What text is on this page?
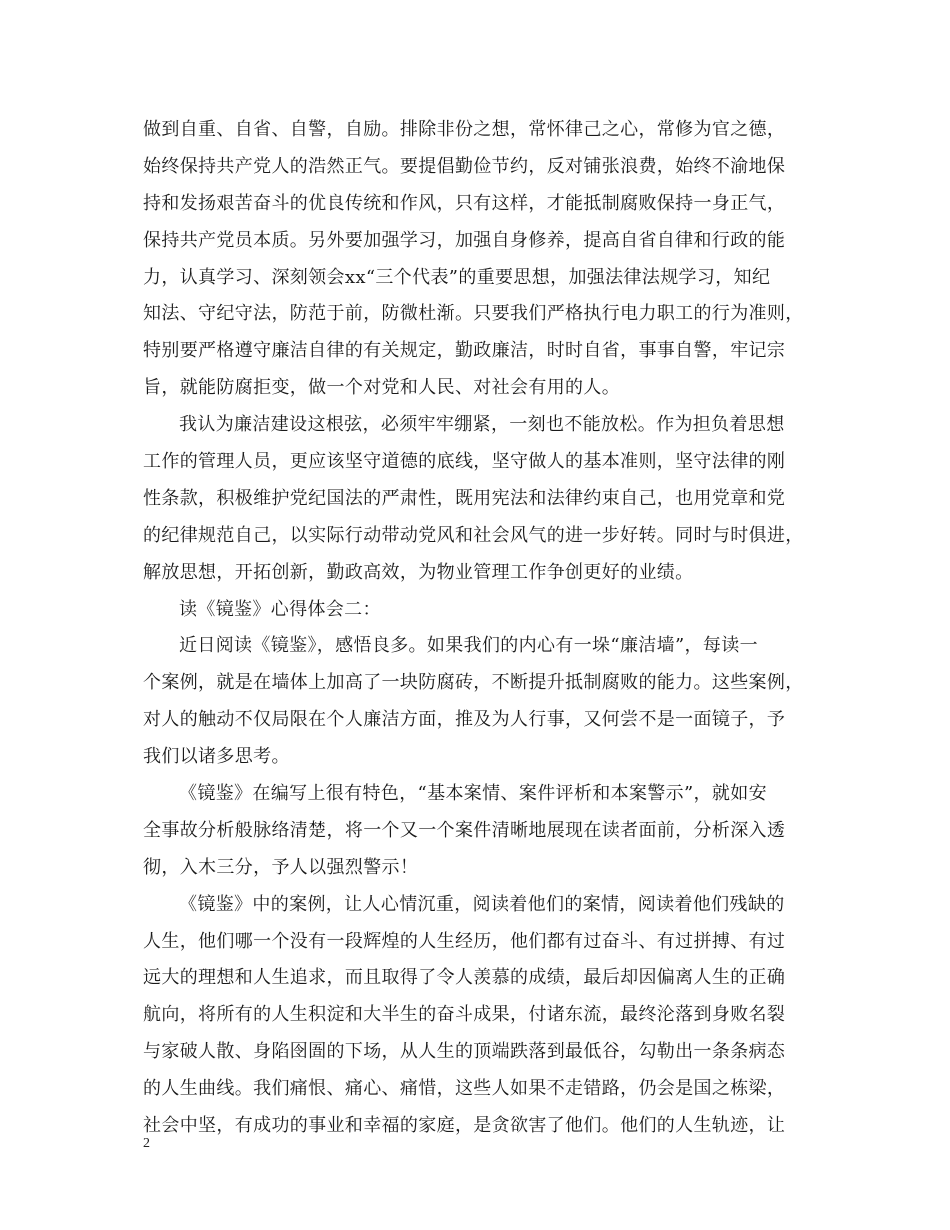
做到自重、自省、自警，自励。排除非份之想，常怀律己之心，常修为官之德，
始终保持共产党人的浩然正气。要提倡勤俭节约，反对铺张浪费，始终不渝地保
持和发扬艰苦奋斗的优良传统和作风，只有这样，才能抵制腐败保持一身正气，
保持共产党员本质。另外要加强学习，加强自身修养，提高自省自律和行政的能
力，认真学习、深刻领会xx“三个代表”的重要思想，加强法律法规学习，知纪
知法、守纪守法，防范于前，防微杜渐。只要我们严格执行电力职工的行为准则，
特别要严格遵守廉洁自律的有关规定，勤政廉洁，时时自省，事事自警，牢记宗
旨，就能防腐拒变，做一个对党和人民、对社会有用的人。
我认为廉洁建设这根弦，必须牢牢绷紧，一刻也不能放松。作为担负着思想
工作的管理人员，更应该坚守道德的底线，坚守做人的基本准则，坚守法律的刚
性条款，积极维护党纪国法的严肃性，既用宪法和法律约束自己，也用党章和党
的纪律规范自己，以实际行动带动党风和社会风气的进一步好转。同时与时俱进，
解放思想，开拓创新，勤政高效，为物业管理工作争创更好的业绩。
读《镜鉴》心得体会二：
近日阅读《镜鉴》，感悟良多。如果我们的内心有一垛“廉洁墙”，每读一
个案例，就是在墙体上加高了一块防腐砖，不断提升抵制腐败的能力。这些案例，
对人的触动不仅局限在个人廉洁方面，推及为人行事，又何尝不是一面镜子，予
我们以诸多思考。
《镜鉴》在编写上很有特色，“基本案情、案件评析和本案警示”，就如安
全事故分析般脉络清楚，将一个又一个案件清晰地展现在读者面前，分析深入透
彻，入木三分，予人以强烈警示！
《镜鉴》中的案例，让人心情沉重，阅读着他们的案情，阅读着他们残缺的
人生，他们哪一个没有一段辉煌的人生经历，他们都有过奋斗、有过拼搏、有过
远大的理想和人生追求，而且取得了令人羡慕的成绩，最后却因偏离人生的正确
航向，将所有的人生积淀和大半生的奋斗成果，付诸东流，最终沦落到身败名裂
与家破人散、身陷囹圄的下场，从人生的顶端跌落到最低谷，勾勒出一条条病态
的人生曲线。我们痛恨、痛心、痛惜，这些人如果不走错路，仍会是国之栋梁，
社会中坚，有成功的事业和幸福的家庭，是贪欲害了他们。他们的人生轨迹，让
2
